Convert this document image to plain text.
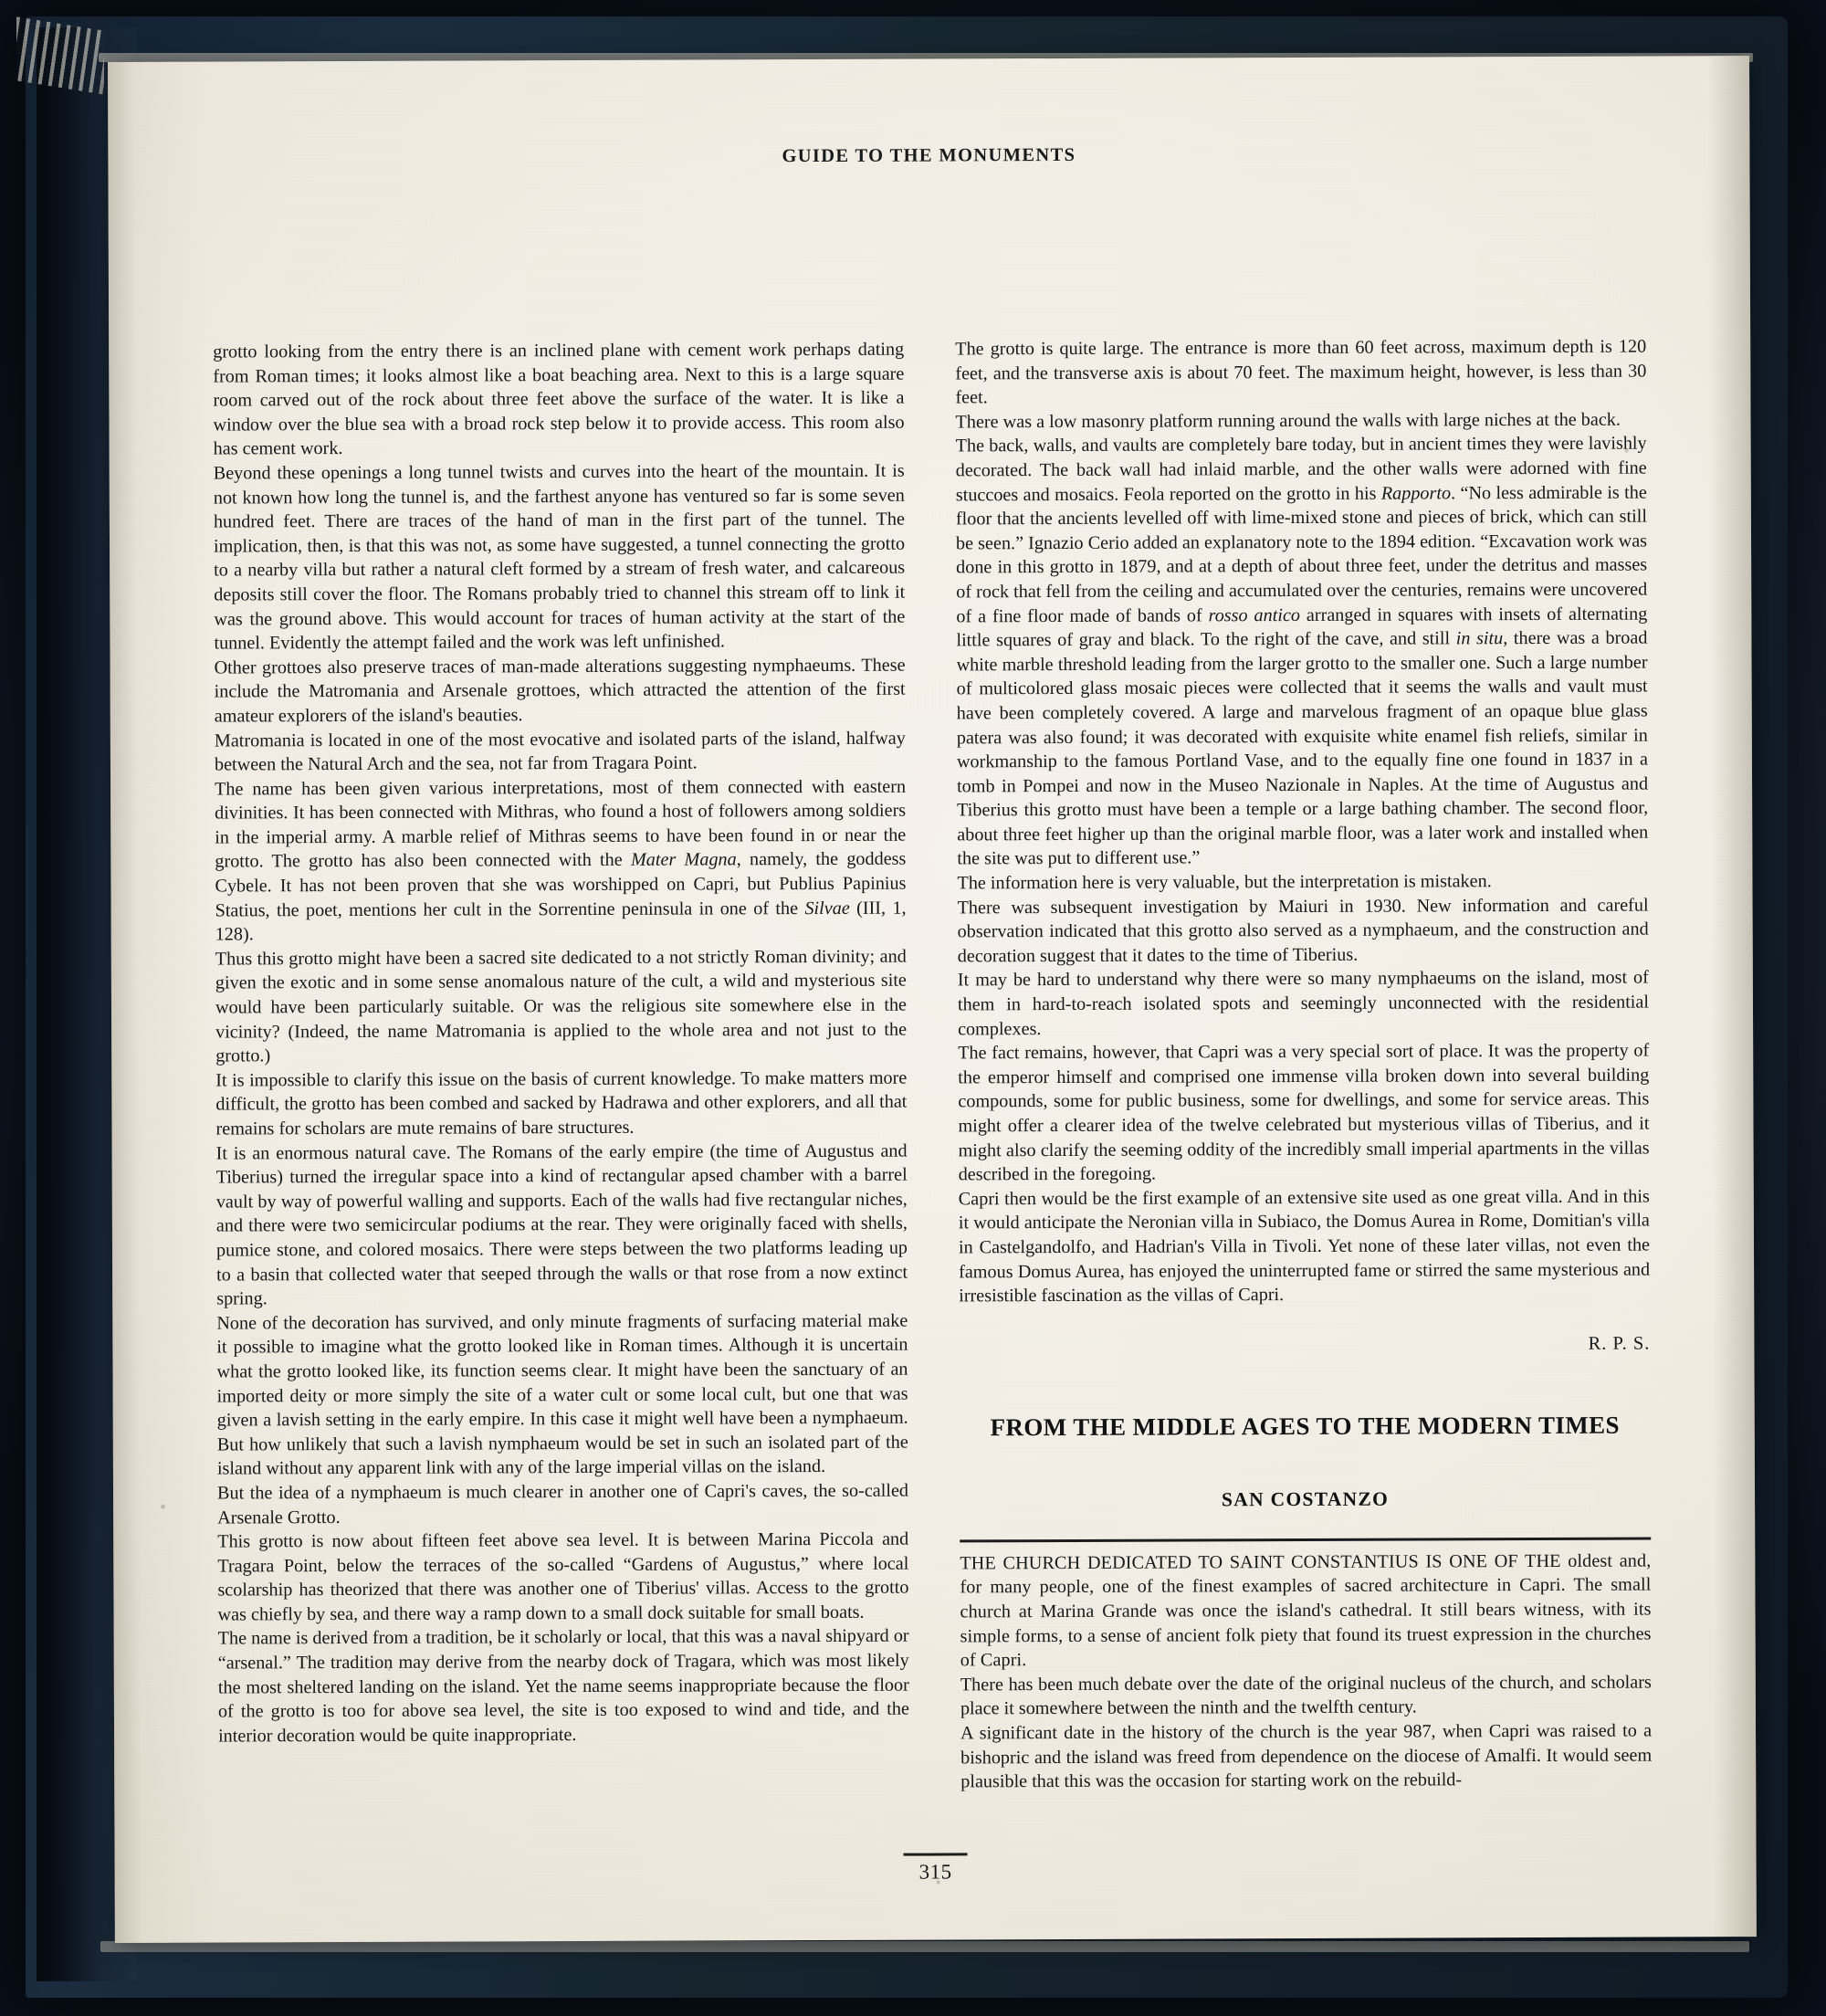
GUIDE TO THE MONUMENTS

grotto looking from the entry there is an inclined plane with cement work perhaps dating from Roman times; it looks almost like a boat beaching area. Next to this is a large square room carved out of the rock about three feet above the surface of the water. It is like a window over the blue sea with a broad rock step below it to provide access. This room also has cement work.

Beyond these openings a long tunnel twists and curves into the heart of the mountain. It is not known how long the tunnel is, and the farthest anyone has ventured so far is some seven hundred feet. There are traces of the hand of man in the first part of the tunnel. The implication, then, is that this was not, as some have suggested, a tunnel connecting the grotto to a nearby villa but rather a natural cleft formed by a stream of fresh water, and calcareous deposits still cover the floor. The Romans probably tried to channel this stream off to link it was the ground above. This would account for traces of human activity at the start of the tunnel. Evidently the attempt failed and the work was left unfinished.

Other grottoes also preserve traces of man-made alterations suggesting nymphaeums. These include the Matromania and Arsenale grottoes, which attracted the attention of the first amateur explorers of the island's beauties.

Matromania is located in one of the most evocative and isolated parts of the island, halfway between the Natural Arch and the sea, not far from Tragara Point.

The name has been given various interpretations, most of them connected with eastern divinities. It has been connected with Mithras, who found a host of followers among soldiers in the imperial army. A marble relief of Mithras seems to have been found in or near the grotto. The grotto has also been connected with the Mater Magna, namely, the goddess Cybele. It has not been proven that she was worshipped on Capri, but Publius Papinius Statius, the poet, mentions her cult in the Sorrentine peninsula in one of the Silvae (III, 1, 128).

Thus this grotto might have been a sacred site dedicated to a not strictly Roman divinity; and given the exotic and in some sense anomalous nature of the cult, a wild and mysterious site would have been particularly suitable. Or was the religious site somewhere else in the vicinity? (Indeed, the name Matromania is applied to the whole area and not just to the grotto.)

It is impossible to clarify this issue on the basis of current knowledge. To make matters more difficult, the grotto has been combed and sacked by Hadrawa and other explorers, and all that remains for scholars are mute remains of bare structures.

It is an enormous natural cave. The Romans of the early empire (the time of Augustus and Tiberius) turned the irregular space into a kind of rectangular apsed chamber with a barrel vault by way of powerful walling and supports. Each of the walls had five rectangular niches, and there were two semicircular podiums at the rear. They were originally faced with shells, pumice stone, and colored mosaics. There were steps between the two platforms leading up to a basin that collected water that seeped through the walls or that rose from a now extinct spring.

None of the decoration has survived, and only minute fragments of surfacing material make it possible to imagine what the grotto looked like in Roman times. Although it is uncertain what the grotto looked like, its function seems clear. It might have been the sanctuary of an imported deity or more simply the site of a water cult or some local cult, but one that was given a lavish setting in the early empire. In this case it might well have been a nymphaeum. But how unlikely that such a lavish nymphaeum would be set in such an isolated part of the island without any apparent link with any of the large imperial villas on the island.

But the idea of a nymphaeum is much clearer in another one of Capri's caves, the so-called Arsenale Grotto.

This grotto is now about fifteen feet above sea level. It is between Marina Piccola and Tragara Point, below the terraces of the so-called “Gardens of Augustus,” where local scolarship has theorized that there was another one of Tiberius' villas. Access to the grotto was chiefly by sea, and there way a ramp down to a small dock suitable for small boats.

The name is derived from a tradition, be it scholarly or local, that this was a naval shipyard or “arsenal.” The tradition may derive from the nearby dock of Tragara, which was most likely the most sheltered landing on the island. Yet the name seems inappropriate because the floor of the grotto is too for above sea level, the site is too exposed to wind and tide, and the interior decoration would be quite inappropriate.

The grotto is quite large. The entrance is more than 60 feet across, maximum depth is 120 feet, and the transverse axis is about 70 feet. The maximum height, however, is less than 30 feet.

There was a low masonry platform running around the walls with large niches at the back.

The back, walls, and vaults are completely bare today, but in ancient times they were lavishly decorated. The back wall had inlaid marble, and the other walls were adorned with fine stuccoes and mosaics. Feola reported on the grotto in his Rapporto. “No less admirable is the floor that the ancients levelled off with lime-mixed stone and pieces of brick, which can still be seen.” Ignazio Cerio added an explanatory note to the 1894 edition. “Excavation work was done in this grotto in 1879, and at a depth of about three feet, under the detritus and masses of rock that fell from the ceiling and accumulated over the centuries, remains were uncovered of a fine floor made of bands of rosso antico arranged in squares with insets of alternating little squares of gray and black. To the right of the cave, and still in situ, there was a broad white marble threshold leading from the larger grotto to the smaller one. Such a large number of multicolored glass mosaic pieces were collected that it seems the walls and vault must have been completely covered. A large and marvelous fragment of an opaque blue glass patera was also found; it was decorated with exquisite white enamel fish reliefs, similar in workmanship to the famous Portland Vase, and to the equally fine one found in 1837 in a tomb in Pompei and now in the Museo Nazionale in Naples. At the time of Augustus and Tiberius this grotto must have been a temple or a large bathing chamber. The second floor, about three feet higher up than the original marble floor, was a later work and installed when the site was put to different use.”

The information here is very valuable, but the interpretation is mistaken.

There was subsequent investigation by Maiuri in 1930. New information and careful observation indicated that this grotto also served as a nymphaeum, and the construction and decoration suggest that it dates to the time of Tiberius.

It may be hard to understand why there were so many nymphaeums on the island, most of them in hard-to-reach isolated spots and seemingly unconnected with the residential complexes.

The fact remains, however, that Capri was a very special sort of place. It was the property of the emperor himself and comprised one immense villa broken down into several building compounds, some for public business, some for dwellings, and some for service areas. This might offer a clearer idea of the twelve celebrated but mysterious villas of Tiberius, and it might also clarify the seeming oddity of the incredibly small imperial apartments in the villas described in the foregoing.

Capri then would be the first example of an extensive site used as one great villa. And in this it would anticipate the Neronian villa in Subiaco, the Domus Aurea in Rome, Domitian's villa in Castelgandolfo, and Hadrian's Villa in Tivoli. Yet none of these later villas, not even the famous Domus Aurea, has enjoyed the uninterrupted fame or stirred the same mysterious and irresistible fascination as the villas of Capri.

R. P. S.

FROM THE MIDDLE AGES TO THE MODERN TIMES
SAN COSTANZO

THE CHURCH DEDICATED TO SAINT CONSTANTIUS IS ONE OF THE oldest and, for many people, one of the finest examples of sacred architecture in Capri. The small church at Marina Grande was once the island's cathedral. It still bears witness, with its simple forms, to a sense of ancient folk piety that found its truest expression in the churches of Capri.

There has been much debate over the date of the original nucleus of the church, and scholars place it somewhere between the ninth and the twelfth century.

A significant date in the history of the church is the year 987, when Capri was raised to a bishopric and the island was freed from dependence on the diocese of Amalfi. It would seem plausible that this was the occasion for starting work on the rebuild-

315
